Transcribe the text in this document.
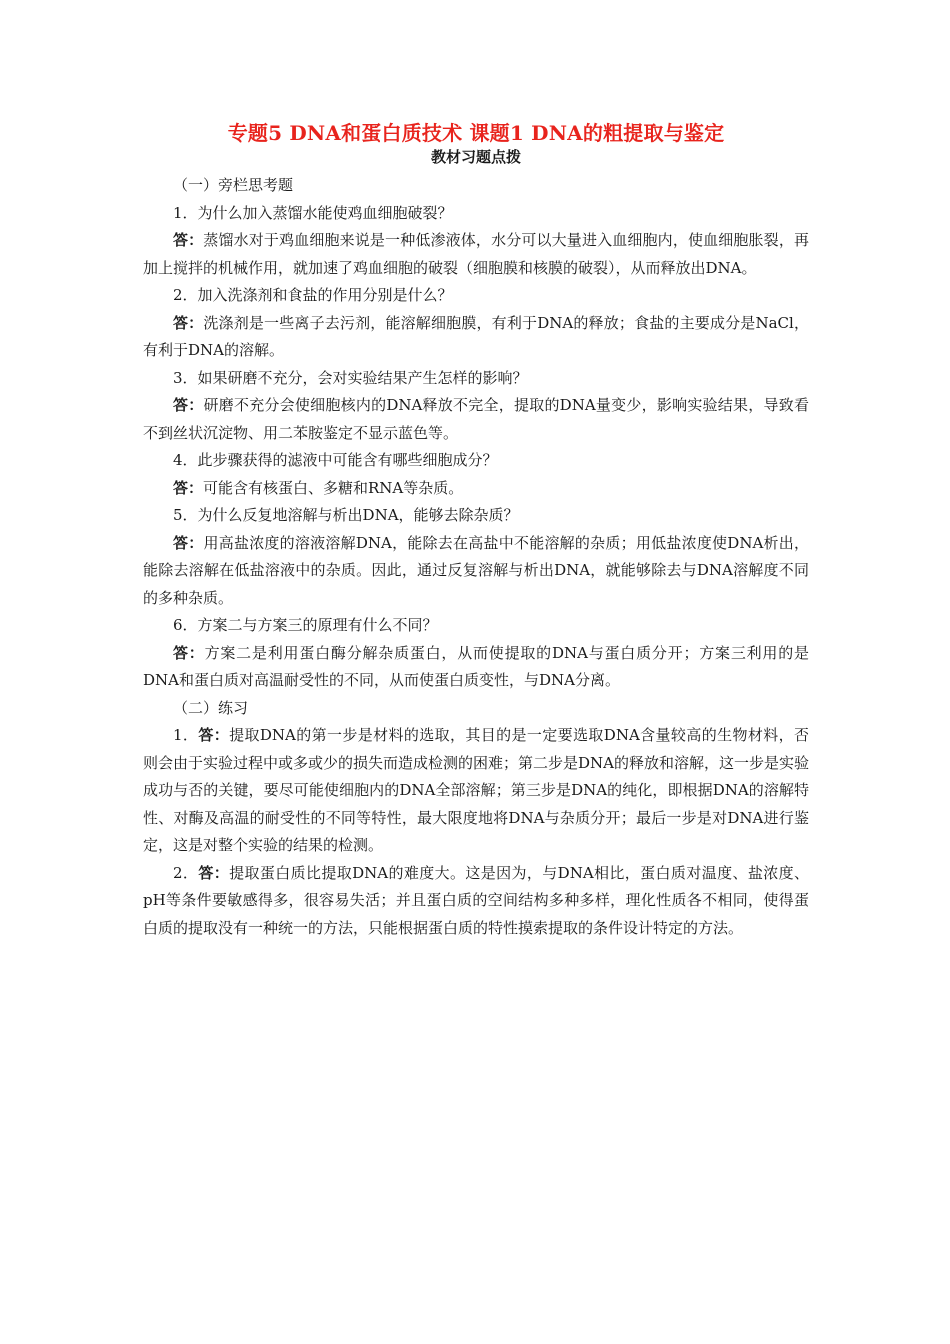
专题5 DNA和蛋白质技术 课题1 DNA的粗提取与鉴定
教材习题点拨

（一）旁栏思考题

1．为什么加入蒸馏水能使鸡血细胞破裂？

答：蒸馏水对于鸡血细胞来说是一种低渗液体，水分可以大量进入血细胞内，使血细胞胀裂，再加上搅拌的机械作用，就加速了鸡血细胞的破裂（细胞膜和核膜的破裂），从而释放出DNA。

2．加入洗涤剂和食盐的作用分别是什么？

答：洗涤剂是一些离子去污剂，能溶解细胞膜，有利于DNA的释放；食盐的主要成分是NaCl，有利于DNA的溶解。

3．如果研磨不充分，会对实验结果产生怎样的影响？

答：研磨不充分会使细胞核内的DNA释放不完全，提取的DNA量变少，影响实验结果，导致看不到丝状沉淀物、用二苯胺鉴定不显示蓝色等。

4．此步骤获得的滤液中可能含有哪些细胞成分？

答：可能含有核蛋白、多糖和RNA等杂质。

5．为什么反复地溶解与析出DNA，能够去除杂质？

答：用高盐浓度的溶液溶解DNA，能除去在高盐中不能溶解的杂质；用低盐浓度使DNA析出，能除去溶解在低盐溶液中的杂质。因此，通过反复溶解与析出DNA，就能够除去与DNA溶解度不同的多种杂质。

6．方案二与方案三的原理有什么不同？

答：方案二是利用蛋白酶分解杂质蛋白，从而使提取的DNA与蛋白质分开；方案三利用的是DNA和蛋白质对高温耐受性的不同，从而使蛋白质变性，与DNA分离。

（二）练习

1．答：提取DNA的第一步是材料的选取，其目的是一定要选取DNA含量较高的生物材料，否则会由于实验过程中或多或少的损失而造成检测的困难；第二步是DNA的释放和溶解，这一步是实验成功与否的关键，要尽可能使细胞内的DNA全部溶解；第三步是DNA的纯化，即根据DNA的溶解特性、对酶及高温的耐受性的不同等特性，最大限度地将DNA与杂质分开；最后一步是对DNA进行鉴定，这是对整个实验的结果的检测。

2．答：提取蛋白质比提取DNA的难度大。这是因为，与DNA相比，蛋白质对温度、盐浓度、pH等条件要敏感得多，很容易失活；并且蛋白质的空间结构多种多样，理化性质各不相同，使得蛋白质的提取没有一种统一的方法，只能根据蛋白质的特性摸索提取的条件设计特定的方法。
